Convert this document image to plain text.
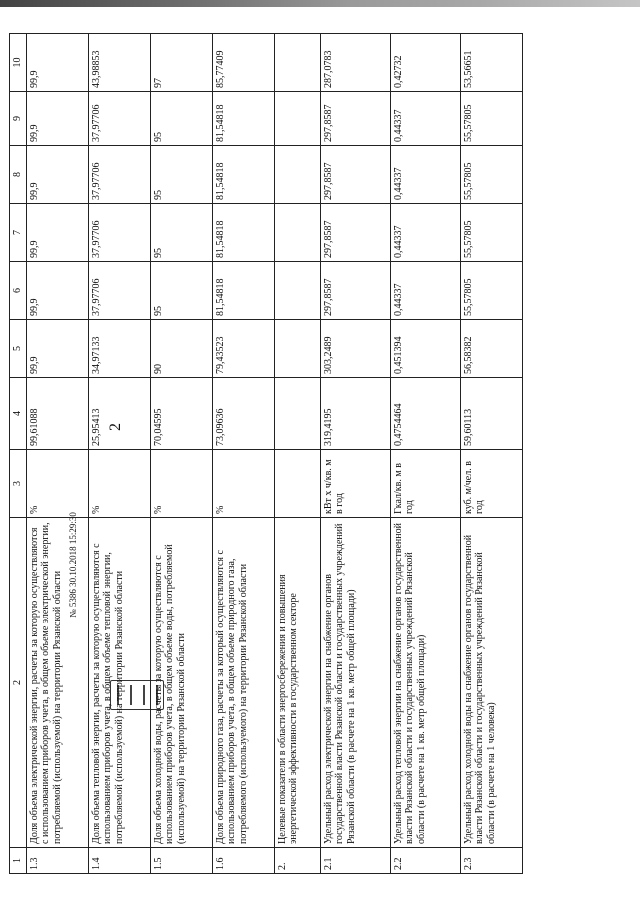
2
№ 5386 30.10.2018 15:29:30
1	2	3	4	5	6	7	8	9	10
1.3	Доля объема электрической энергии, расчеты за которую осуществляются с использованием приборов учета, в общем объеме электрической энергии, потребляемой (используемой) на территории Рязанской области	%	99,61088	99,9	99,9	99,9	99,9	99,9	99,9
1.4	Доля объема тепловой энергии, расчеты за которую осуществляются с использованием приборов учета, в общем объеме тепловой энергии, потребляемой (используемой) на территории Рязанской области	%	25,95413	34,97133	37,97706	37,97706	37,97706	37,97706	43,98853
1.5	Доля объема холодной воды, расчеты за которую осуществляются с использованием приборов учета, в общем объеме воды, потребляемой (используемой) на территории Рязанской области	%	70,04595	90	95	95	95	95	97
1.6	Доля объема природного газа, расчеты за который осуществляются с использованием приборов учета, в общем объеме природного газа, потребляемого (используемого) на территории Рязанской области	%	73,09636	79,43523	81,54818	81,54818	81,54818	81,54818	85,77409
2.	Целевые показатели в области энергосбережения и повышения энергетической эффективности в государственном секторе								
2.1	Удельный расход электрической энергии на снабжение органов государственной власти Рязанской области и государственных учреждений Рязанской области (в расчете на 1 кв. метр общей площади)	кВт х ч/кв. м в год	319,4195	303,2489	297,8587	297,8587	297,8587	297,8587	287,0783
2.2	Удельный расход тепловой энергии на снабжение органов государственной власти Рязанской области и государственных учреждений Рязанской области (в расчете на 1 кв. метр общей площади)	Гкал/кв. м в год	0,4754464	0,451394	0,44337	0,44337	0,44337	0,44337	0,42732
2.3	Удельный расход холодной воды на снабжение органов государственной власти Рязанской области и государственных учреждений Рязанской области (в расчете на 1 человека)	куб. м/чел. в год	59,60113	56,58382	55,57805	55,57805	55,57805	55,57805	53,56651
